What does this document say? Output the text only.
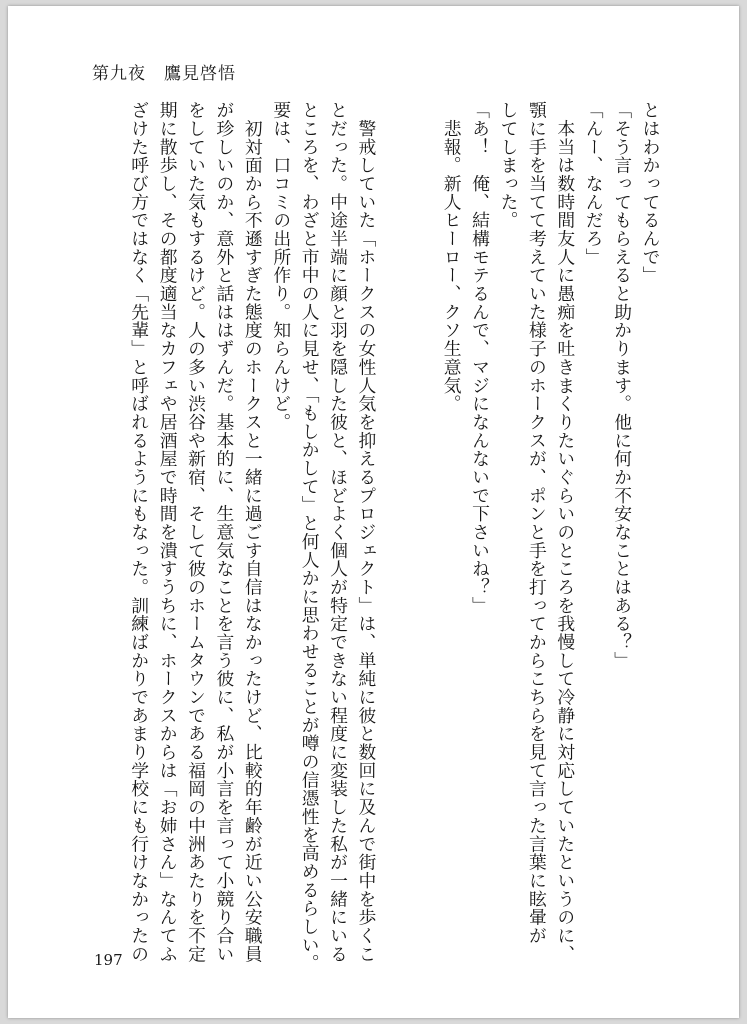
第九夜　鷹見啓悟
とはわかってるんで」
「そう言ってもらえると助かります。他に何か不安なことはある？」
「んー、なんだろ」
　本当は数時間友人に愚痴を吐きまくりたいぐらいのところを我慢して冷静に対応していたというのに、
顎に手を当てて考えていた様子のホークスが、ポンと手を打ってからこちらを見て言った言葉に眩暈が
してしまった。
「あ！　俺、結構モテるんで、マジになんないで下さいね？」
　悲報。新人ヒーロー、クソ生意気。
　警戒していた「ホークスの女性人気を抑えるプロジェクト」は、単純に彼と数回に及んで街中を歩くこ
とだった。中途半端に顔と羽を隠した彼と、ほどよく個人が特定できない程度に変装した私が一緒にいる
ところを、わざと市中の人に見せ、「もしかして」と何人かに思わせることが噂の信憑性を高めるらしい。
要は、口コミの出所作り。知らんけど。
　初対面から不遜すぎた態度のホークスと一緒に過ごす自信はなかったけど、比較的年齢が近い公安職員
が珍しいのか、意外と話ははずんだ。基本的に、生意気なことを言う彼に、私が小言を言って小競り合い
をしていた気もするけど。人の多い渋谷や新宿、そして彼のホームタウンである福岡の中洲あたりを不定
期に散歩し、その都度適当なカフェや居酒屋で時間を潰すうちに、ホークスからは「お姉さん」なんてふ
ざけた呼び方ではなく「先輩」と呼ばれるようにもなった。訓練ばかりであまり学校にも行けなかったの
197
